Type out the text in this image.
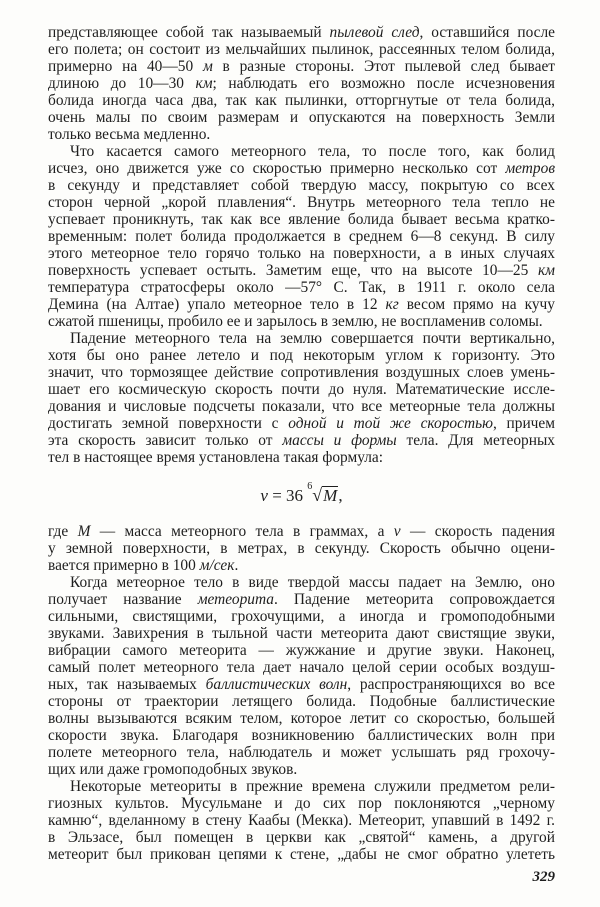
представляющее собой так называемый пылевой след, оставшийся после
его полета; он состоит из мельчайших пылинок, рассеянных телом болида,
примерно на 40—50 м в разные стороны. Этот пылевой след бывает
длиною до 10—30 км; наблюдать его возможно после исчезновения
болида иногда часа два, так как пылинки, отторгнутые от тела болида,
очень малы по своим размерам и опускаются на поверхность Земли
только весьма медленно.
Что касается самого метеорного тела, то после того, как болид
исчез, оно движется уже со скоростью примерно несколько сот метров
в секунду и представляет собой твердую массу, покрытую со всех
сторон черной „корой плавления“. Внутрь метеорного тела тепло не
успевает проникнуть, так как все явление болида бывает весьма кратко-
временным: полет болида продолжается в среднем 6—8 секунд. В силу
этого метеорное тело горячо только на поверхности, а в иных случаях
поверхность успевает остыть. Заметим еще, что на высоте 10—25 км
температура стратосферы около —57° С. Так, в 1911 г. около села
Демина (на Алтае) упало метеорное тело в 12 кг весом прямо на кучу
сжатой пшеницы, пробило ее и зарылось в землю, не воспламенив соломы.
Падение метеорного тела на землю совершается почти вертикально,
хотя бы оно ранее летело и под некоторым углом к горизонту. Это
значит, что тормозящее действие сопротивления воздушных слоев умень-
шает его космическую скорость почти до нуля. Математические иссле-
дования и числовые подсчеты показали, что все метеорные тела должны
достигать земной поверхности с одной и той же скоростью, причем
эта скорость зависит только от массы и формы тела. Для метеорных
тел в настоящее время установлена такая формула:
v = 36 6√M,
где M — масса метеорного тела в граммах, а v — скорость падения
у земной поверхности, в метрах, в секунду. Скорость обычно оцени-
вается примерно в 100 м/сек.
Когда метеорное тело в виде твердой массы падает на Землю, оно
получает название метеорита. Падение метеорита сопровождается
сильными, свистящими, грохочущими, а иногда и громоподобными
звуками. Завихрения в тыльной части метеорита дают свистящие звуки,
вибрации самого метеорита — жужжание и другие звуки. Наконец,
самый полет метеорного тела дает начало целой серии особых воздуш-
ных, так называемых баллистических волн, распространяющихся во все
стороны от траектории летящего болида. Подобные баллистические
волны вызываются всяким телом, которое летит со скоростью, большей
скорости звука. Благодаря возникновению баллистических волн при
полете метеорного тела, наблюдатель и может услышать ряд грохочу-
щих или даже громоподобных звуков.
Некоторые метеориты в прежние времена служили предметом рели-
гиозных культов. Мусульмане и до сих пор поклоняются „черному
камню“, вделанному в стену Каабы (Мекка). Метеорит, упавший в 1492 г.
в Эльзасе, был помещен в церкви как „святой“ камень, а другой
метеорит был прикован цепями к стене, „дабы не смог обратно улететь
329
